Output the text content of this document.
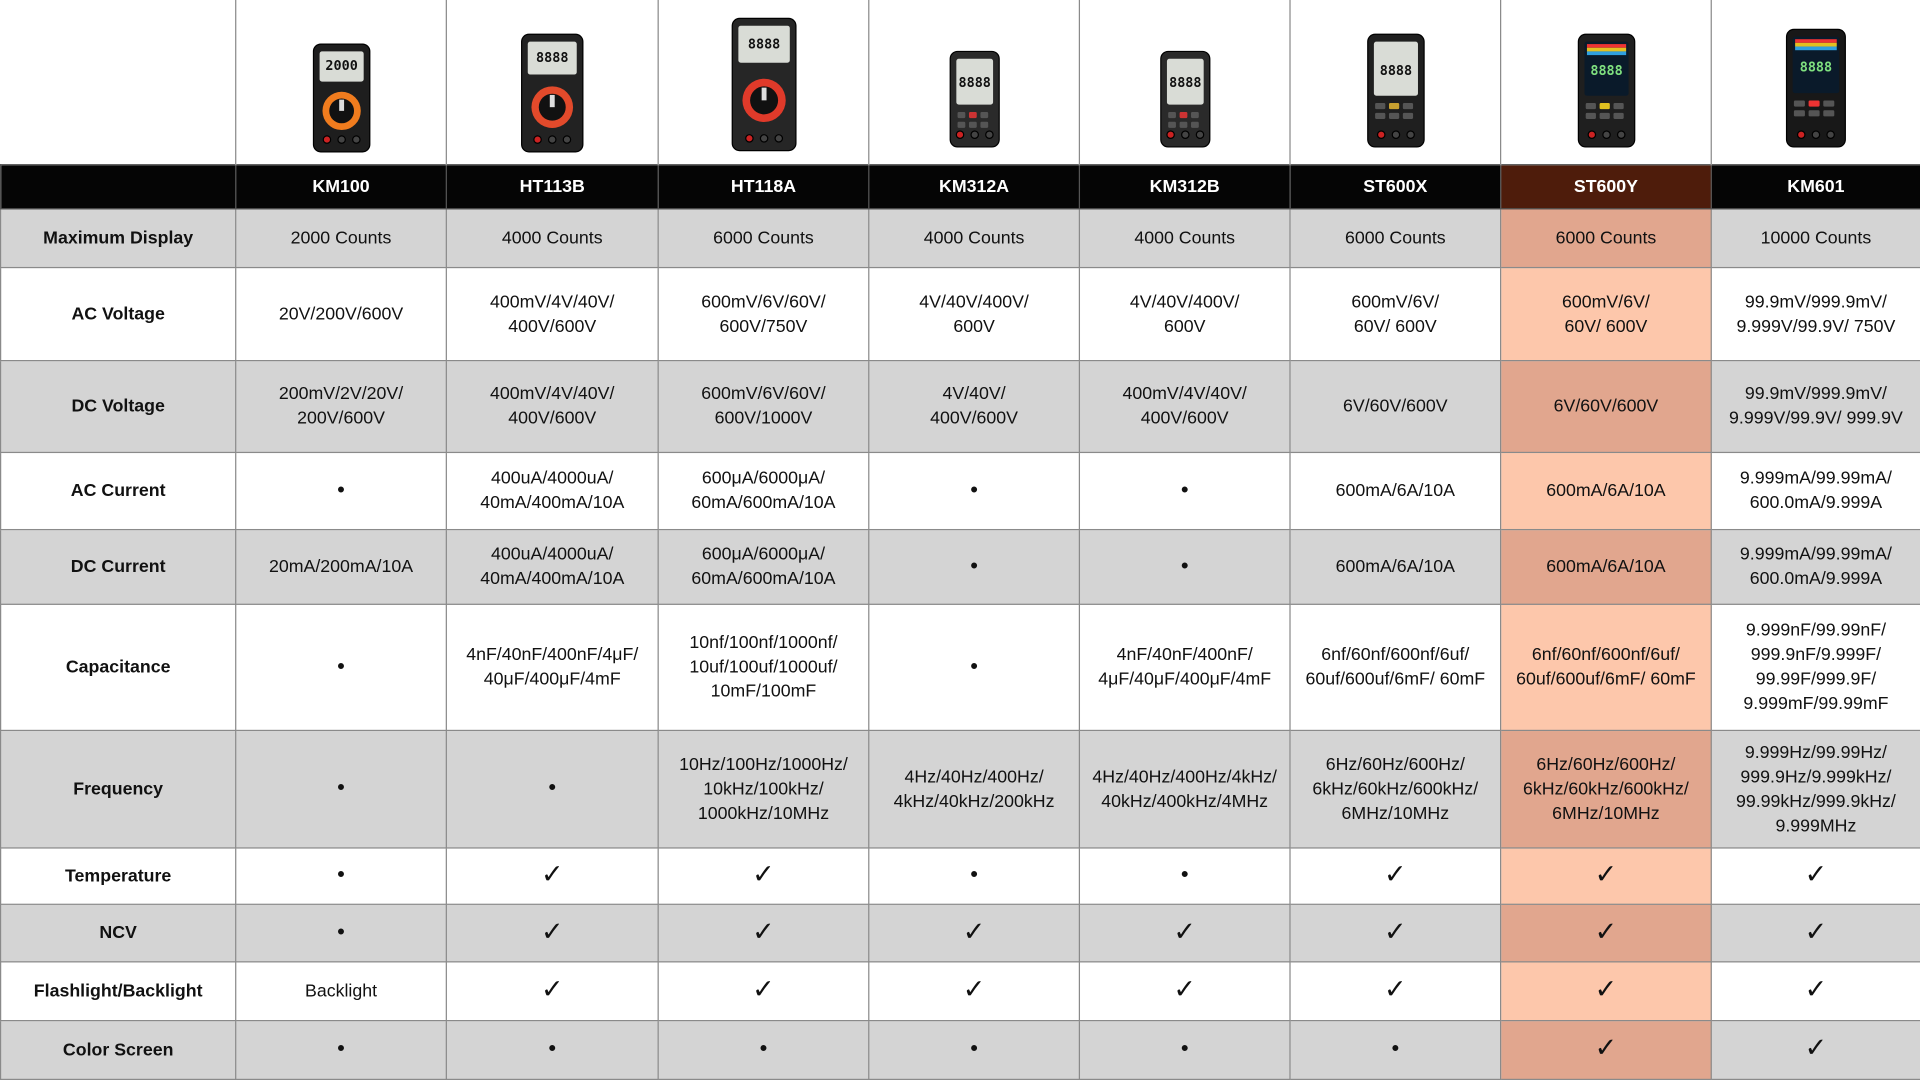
2000	8888	8888	8888	8888	8888	8888	8888

	KM100	HT113B	HT118A	KM312A	KM312B	ST600X	ST600Y	KM601
Maximum Display	2000 Counts	4000 Counts	6000 Counts	4000 Counts	4000 Counts	6000 Counts	6000 Counts	10000 Counts
AC Voltage	20V/200V/600V	400mV/4V/40V/
400V/600V	600mV/6V/60V/
600V/750V	4V/40V/400V/
600V	4V/40V/400V/
600V	600mV/6V/
60V/ 600V	600mV/6V/
60V/ 600V	99.9mV/999.9mV/
9.999V/99.9V/ 750V
DC Voltage	200mV/2V/20V/
200V/600V	400mV/4V/40V/
400V/600V	600mV/6V/60V/
600V/1000V	4V/40V/
400V/600V	400mV/4V/40V/
400V/600V	6V/60V/600V	6V/60V/600V	99.9mV/999.9mV/
9.999V/99.9V/ 999.9V
AC Current	•	400uA/4000uA/
40mA/400mA/10A	600μA/6000μA/
60mA/600mA/10A	•	•	600mA/6A/10A	600mA/6A/10A	9.999mA/99.99mA/
600.0mA/9.999A
DC Current	20mA/200mA/10A	400uA/4000uA/
40mA/400mA/10A	600μA/6000μA/
60mA/600mA/10A	•	•	600mA/6A/10A	600mA/6A/10A	9.999mA/99.99mA/
600.0mA/9.999A
Capacitance	•	4nF/40nF/400nF/4μF/
40μF/400μF/4mF	10nf/100nf/1000nf/
10uf/100uf/1000uf/
10mF/100mF	•	4nF/40nF/400nF/
4μF/40μF/400μF/4mF	6nf/60nf/600nf/6uf/
60uf/600uf/6mF/ 60mF	6nf/60nf/600nf/6uf/
60uf/600uf/6mF/ 60mF	9.999nF/99.99nF/
999.9nF/9.999F/
99.99F/999.9F/
9.999mF/99.99mF
Frequency	•	•	10Hz/100Hz/1000Hz/
10kHz/100kHz/
1000kHz/10MHz	4Hz/40Hz/400Hz/
4kHz/40kHz/200kHz	4Hz/40Hz/400Hz/4kHz/
40kHz/400kHz/4MHz	6Hz/60Hz/600Hz/
6kHz/60kHz/600kHz/
6MHz/10MHz	6Hz/60Hz/600Hz/
6kHz/60kHz/600kHz/
6MHz/10MHz	9.999Hz/99.99Hz/
999.9Hz/9.999kHz/
99.99kHz/999.9kHz/
9.999MHz
Temperature	•	✓	✓	•	•	✓	✓	✓
NCV	•	✓	✓	✓	✓	✓	✓	✓
Flashlight/Backlight	Backlight	✓	✓	✓	✓	✓	✓	✓
Color Screen	•	•	•	•	•	•	✓	✓
